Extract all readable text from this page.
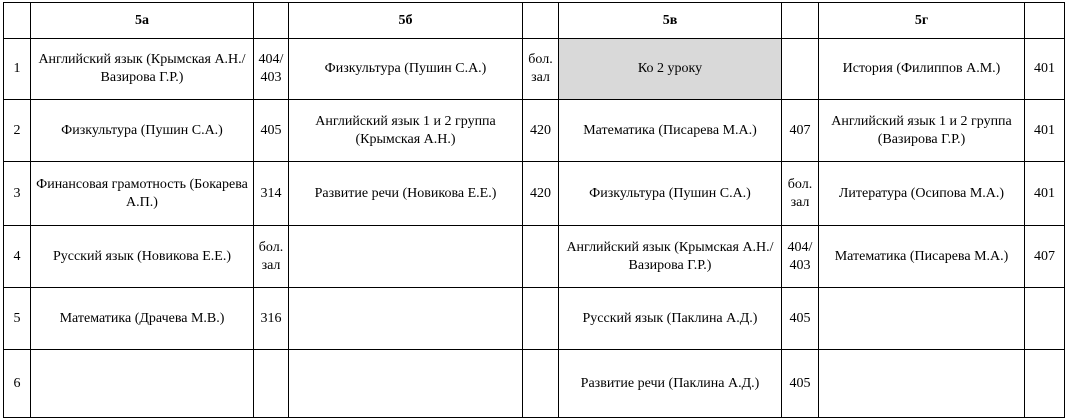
	5а		5б		5в		5г	
1	Английский язык (Крымская А.Н./Вазирова Г.Р.)	404/ 403	Физкультура (Пушин С.А.)	бол. зал	Ко 2 уроку		История (Филиппов А.М.)	401
2	Физкультура (Пушин С.А.)	405	Английский язык 1 и 2 группа (Крымская А.Н.)	420	Математика (Писарева М.А.)	407	Английский язык 1 и 2 группа (Вазирова Г.Р.)	401
3	Финансовая грамотность (Бокарева А.П.)	314	Развитие речи (Новикова Е.Е.)	420	Физкультура (Пушин С.А.)	бол. зал	Литература (Осипова М.А.)	401
4	Русский язык (Новикова Е.Е.)	бол. зал			Английский язык (Крымская А.Н./Вазирова Г.Р.)	404/ 403	Математика (Писарева М.А.)	407
5	Математика (Драчева М.В.)	316			Русский язык (Паклина А.Д.)	405		
6					Развитие речи (Паклина А.Д.)	405		
